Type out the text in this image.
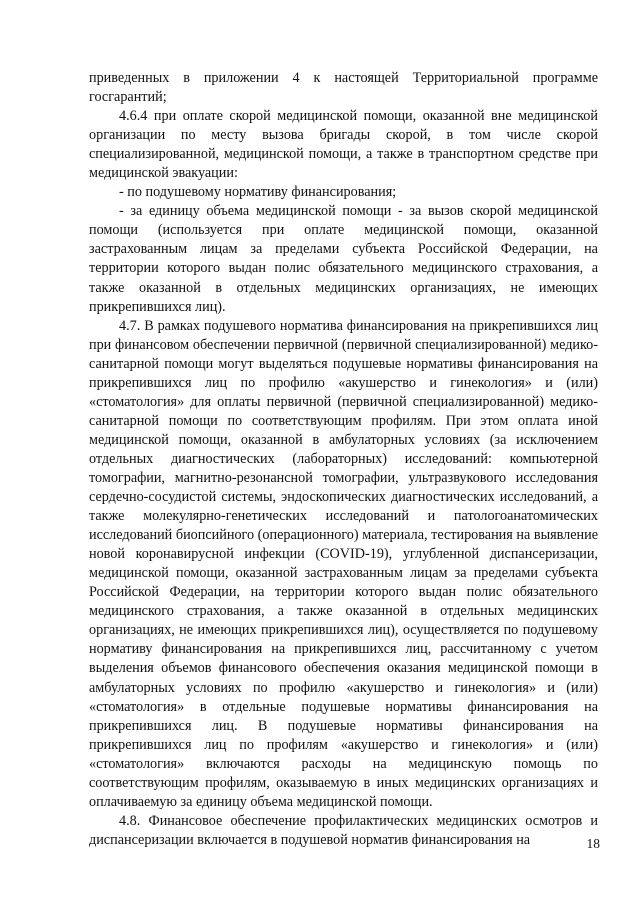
приведенных в приложении 4 к настоящей Территориальной программе госгарантий;

4.6.4 при оплате скорой медицинской помощи, оказанной вне медицинской организации по месту вызова бригады скорой, в том числе скорой специализированной, медицинской помощи, а также в транспортном средстве при медицинской эвакуации:

- по подушевому нормативу финансирования;

- за единицу объема медицинской помощи - за вызов скорой медицинской помощи (используется при оплате медицинской помощи, оказанной застрахованным лицам за пределами субъекта Российской Федерации, на территории которого выдан полис обязательного медицинского страхования, а также оказанной в отдельных медицинских организациях, не имеющих прикрепившихся лиц).

4.7. В рамках подушевого норматива финансирования на прикрепившихся лиц при финансовом обеспечении первичной (первичной специализированной) медико-санитарной помощи могут выделяться подушевые нормативы финансирования на прикрепившихся лиц по профилю «акушерство и гинекология» и (или) «стоматология» для оплаты первичной (первичной специализированной) медико-санитарной помощи по соответствующим профилям. При этом оплата иной медицинской помощи, оказанной в амбулаторных условиях (за исключением отдельных диагностических (лабораторных) исследований: компьютерной томографии, магнитно-резонансной томографии, ультразвукового исследования сердечно-сосудистой системы, эндоскопических диагностических исследований, а также молекулярно-генетических исследований и патологоанатомических исследований биопсийного (операционного) материала, тестирования на выявление новой коронавирусной инфекции (COVID-19), углубленной диспансеризации, медицинской помощи, оказанной застрахованным лицам за пределами субъекта Российской Федерации, на территории которого выдан полис обязательного медицинского страхования, а также оказанной в отдельных медицинских организациях, не имеющих прикрепившихся лиц), осуществляется по подушевому нормативу финансирования на прикрепившихся лиц, рассчитанному с учетом выделения объемов финансового обеспечения оказания медицинской помощи в амбулаторных условиях по профилю «акушерство и гинекология» и (или) «стоматология» в отдельные подушевые нормативы финансирования на прикрепившихся лиц. В подушевые нормативы финансирования на прикрепившихся лиц по профилям «акушерство и гинекология» и (или) «стоматология» включаются расходы на медицинскую помощь по соответствующим профилям, оказываемую в иных медицинских организациях и оплачиваемую за единицу объема медицинской помощи.

4.8. Финансовое обеспечение профилактических медицинских осмотров и диспансеризации включается в подушевой норматив финансирования на	18
